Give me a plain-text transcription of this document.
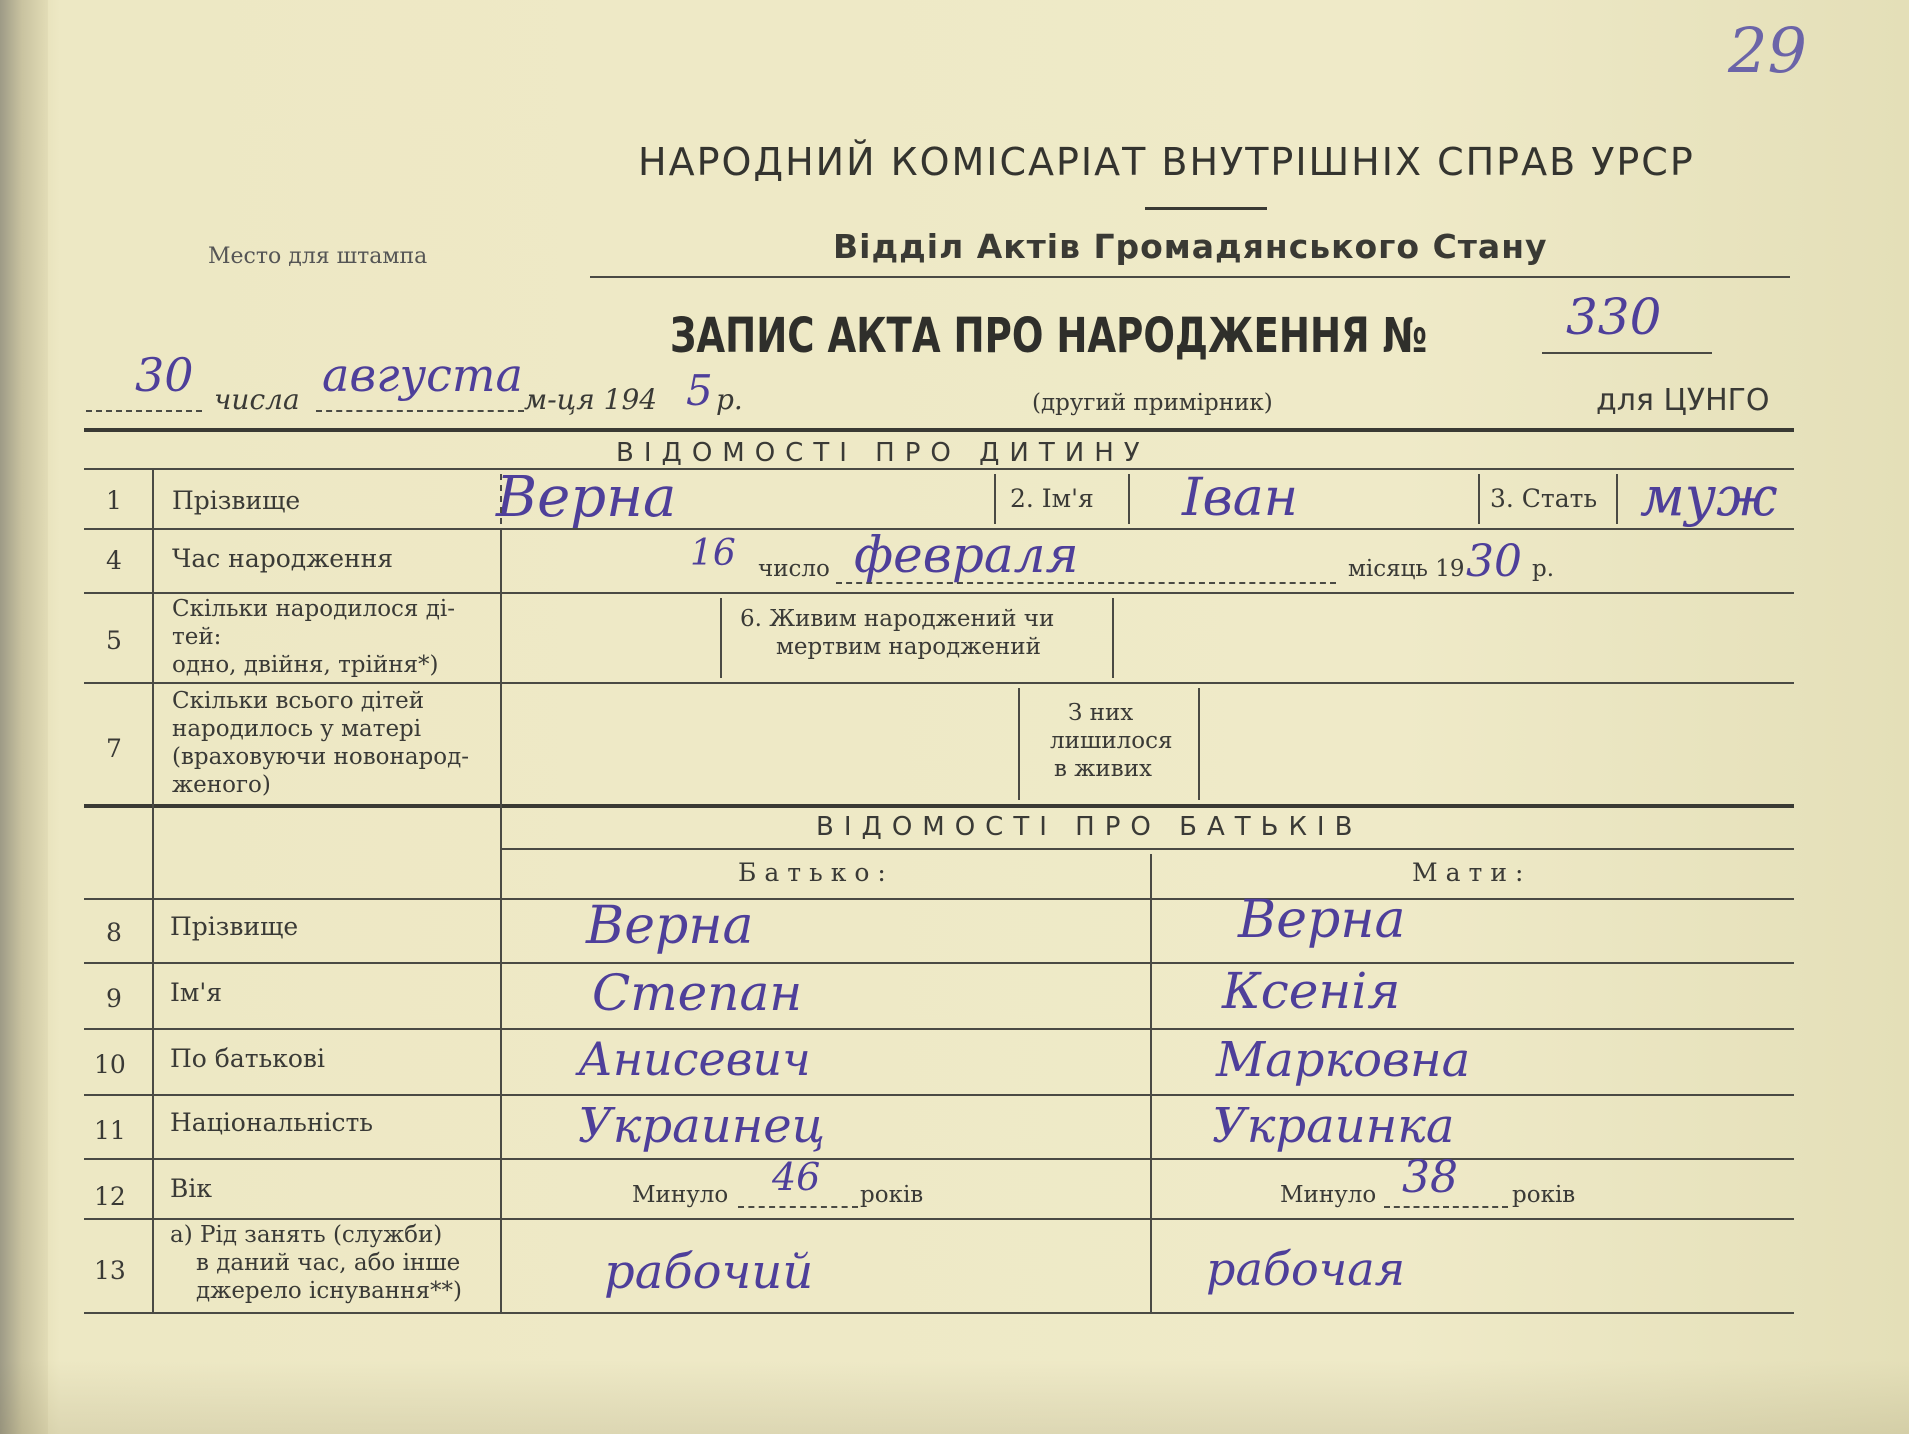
29
НАРОДНИЙ КОМІСАРІАТ ВНУТРІШНІХ СПРАВ УРСР
Відділ Актів Громадянського Стану
Место для штампа
ЗАПИС АКТА ПРО НАРОДЖЕННЯ №	330
30 числа августа м-ця 194 5 р.	(другий примірник)	для ЦУНГО
ВІДОМОСТІ ПРО ДИТИНУ
1 Прізвище	Верна	2. Ім'я Іван	3. Стать муж
4 Час народження	16 число февраля	місяць 19 30 р.
5
Скільки народилося ді-
тей:
одно, двійня, трійня*)
6. Живим народжений чи
мертвим народжений
7
Скільки всього дітей
народилось у матері
(враховуючи новонарод-
женого)
З них
лишилося
в живих
ВІДОМОСТІ ПРО БАТЬКІВ
Батько:	Мати:
8 Прізвище	Верна	Верна
9 Ім'я	Степан	Ксенія
10 По батькові	Анисевич	Марковна
11 Національність	Украинец	Украинка
12 Вік	Минуло 46 років	Минуло 38 років
13
а) Рід занять (служби)
в даний час, або інше
джерело існування**)	рабочий	рабочая
